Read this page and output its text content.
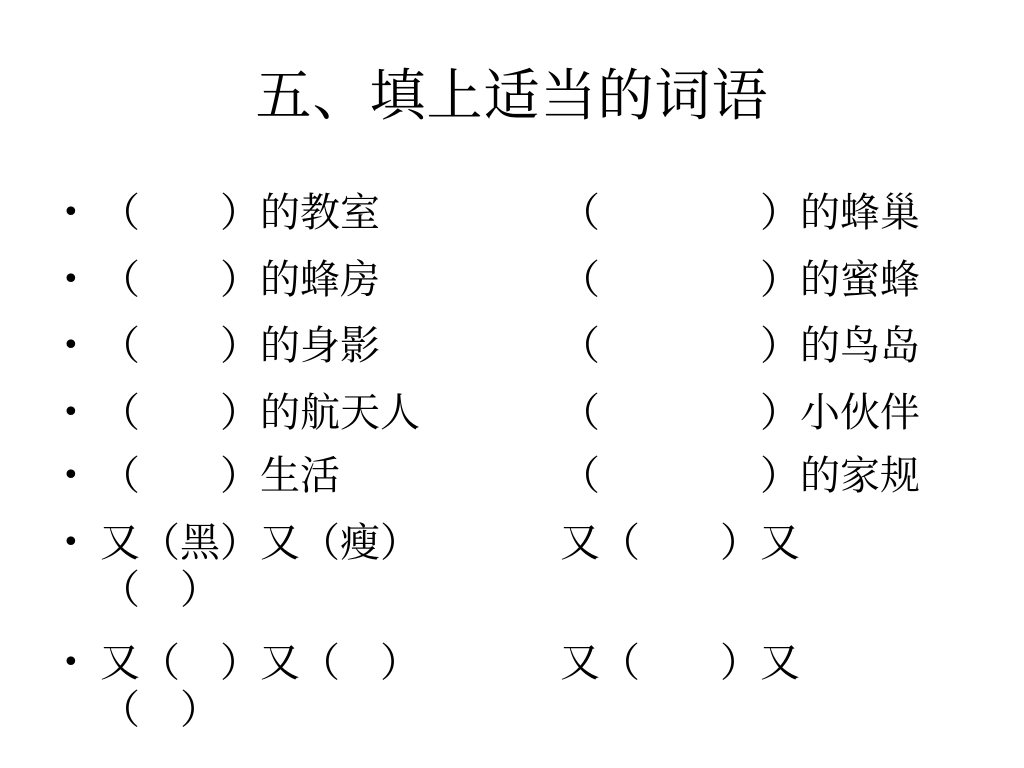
五、填上适当的词语
• （　　）的教室	（　　　　）的蜂巢
• （　　）的蜂房	（　　　　）的蜜蜂
• （　　）的身影	（　　　　）的鸟岛
• （　　）的航天人	（　　　　）小伙伴
• （　　）生活	（　　　　）的家规
• 又（黑）又（瘦）	又（　　）又
（　）
• 又（　）又（　）	又（　　）又
（　）
